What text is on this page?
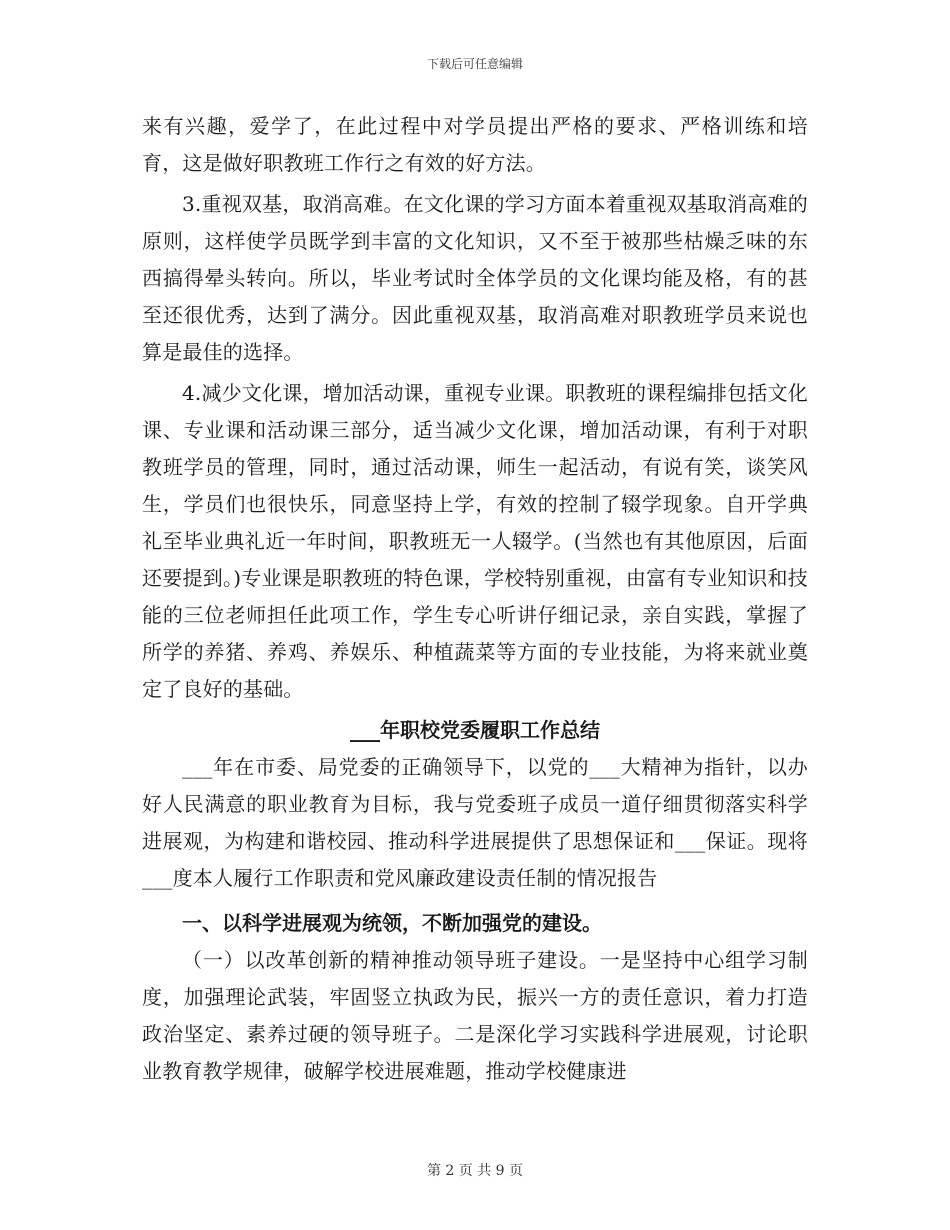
下载后可任意编辑

来有兴趣，爱学了，在此过程中对学员提出严格的要求、严格训练和培育，这是做好职教班工作行之有效的好方法。

3.重视双基，取消高难。在文化课的学习方面本着重视双基取消高难的原则，这样使学员既学到丰富的文化知识，又不至于被那些枯燥乏味的东西搞得晕头转向。所以，毕业考试时全体学员的文化课均能及格，有的甚至还很优秀，达到了满分。因此重视双基，取消高难对职教班学员来说也算是最佳的选择。

4.减少文化课，增加活动课，重视专业课。职教班的课程编排包括文化课、专业课和活动课三部分，适当减少文化课，增加活动课，有利于对职教班学员的管理，同时，通过活动课，师生一起活动，有说有笑，谈笑风生，学员们也很快乐，同意坚持上学，有效的控制了辍学现象。自开学典礼至毕业典礼近一年时间，职教班无一人辍学。(当然也有其他原因，后面还要提到。)专业课是职教班的特色课，学校特别重视，由富有专业知识和技能的三位老师担任此项工作，学生专心听讲仔细记录，亲自实践，掌握了所学的养猪、养鸡、养娱乐、种植蔬菜等方面的专业技能，为将来就业奠定了良好的基础。

___年职校党委履职工作总结

___年在市委、局党委的正确领导下，以党的___大精神为指针，以办好人民满意的职业教育为目标，我与党委班子成员一道仔细贯彻落实科学进展观，为构建和谐校园、推动科学进展提供了思想保证和___保证。现将___度本人履行工作职责和党风廉政建设责任制的情况报告

一、以科学进展观为统领，不断加强党的建设。

（一）以改革创新的精神推动领导班子建设。一是坚持中心组学习制度，加强理论武装，牢固竖立执政为民，振兴一方的责任意识，着力打造政治坚定、素养过硬的领导班子。二是深化学习实践科学进展观，讨论职业教育教学规律，破解学校进展难题，推动学校健康进

第 2 页 共 9 页
